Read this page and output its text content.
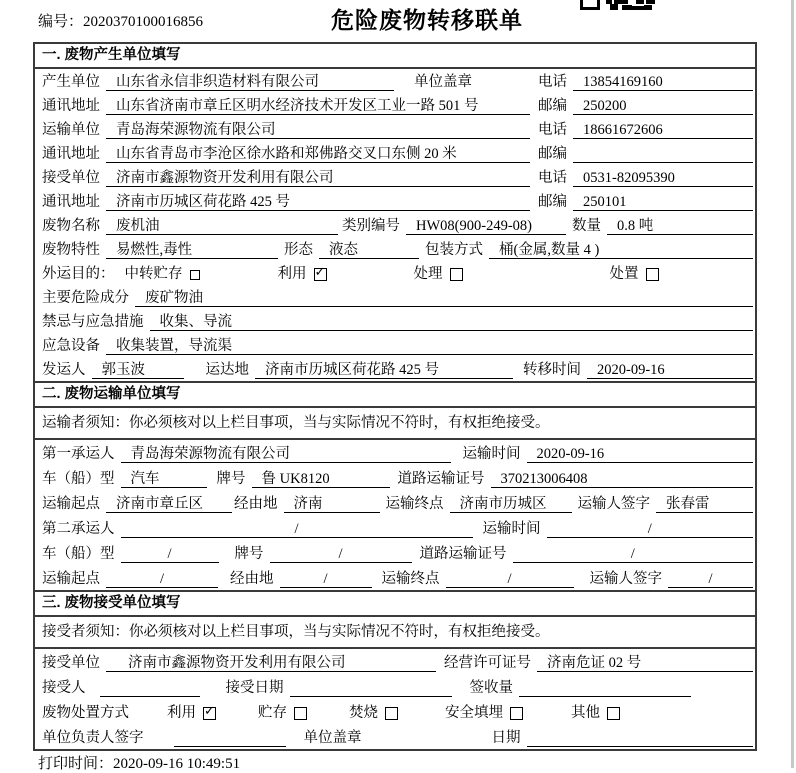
编号：2020370100016856	危险废物转移联单
一. 废物产生单位填写
产生单位	山东省永信非织造材料有限公司	单位盖章	电话	13854169160
通讯地址	山东省济南市章丘区明水经济技术开发区工业一路 501 号	邮编	250200
运输单位	青岛海荣源物流有限公司	电话	18661672606
通讯地址	山东省青岛市李沧区徐水路和郑佛路交叉口东侧 20 米	邮编
接受单位	济南市鑫源物资开发利用有限公司	电话	0531-82095390
通讯地址	济南市历城区荷花路 425 号	邮编	250101
废物名称	废机油	类别编号	HW08(900-249-08)	数量	0.8 吨
废物特性	易燃性,毒性	形态	液态	包装方式	桶(金属,数量 4 )
外运目的： 中转贮存	利用 ✓	处理	处置
主要危险成分	废矿物油
禁忌与应急措施	收集、导流
应急设备	收集装置，导流渠
发运人	郭玉波	运达地	济南市历城区荷花路 425 号	转移时间	2020-09-16
二. 废物运输单位填写
运输者须知：你必须核对以上栏目事项，当与实际情况不符时，有权拒绝接受。
第一承运人	青岛海荣源物流有限公司	运输时间	2020-09-16
车（船）型	汽车	牌号	鲁 UK8120	道路运输证号	370213006408
运输起点	济南市章丘区	经由地	济南	运输终点	济南市历城区	运输人签字	张春雷
第二承运人	/	运输时间	/
车（船）型	/	牌号	/	道路运输证号	/
运输起点	/	经由地	/	运输终点	/	运输人签字	/
三. 废物接受单位填写
接受者须知：你必须核对以上栏目事项，当与实际情况不符时，有权拒绝接受。
接受单位	济南市鑫源物资开发利用有限公司	经营许可证号	济南危证 02 号
接受人	接受日期	签收量
废物处置方式	利用 ✓	贮存	焚烧	安全填埋	其他
单位负责人签字	单位盖章	日期
打印时间：2020-09-16 10:49:51
